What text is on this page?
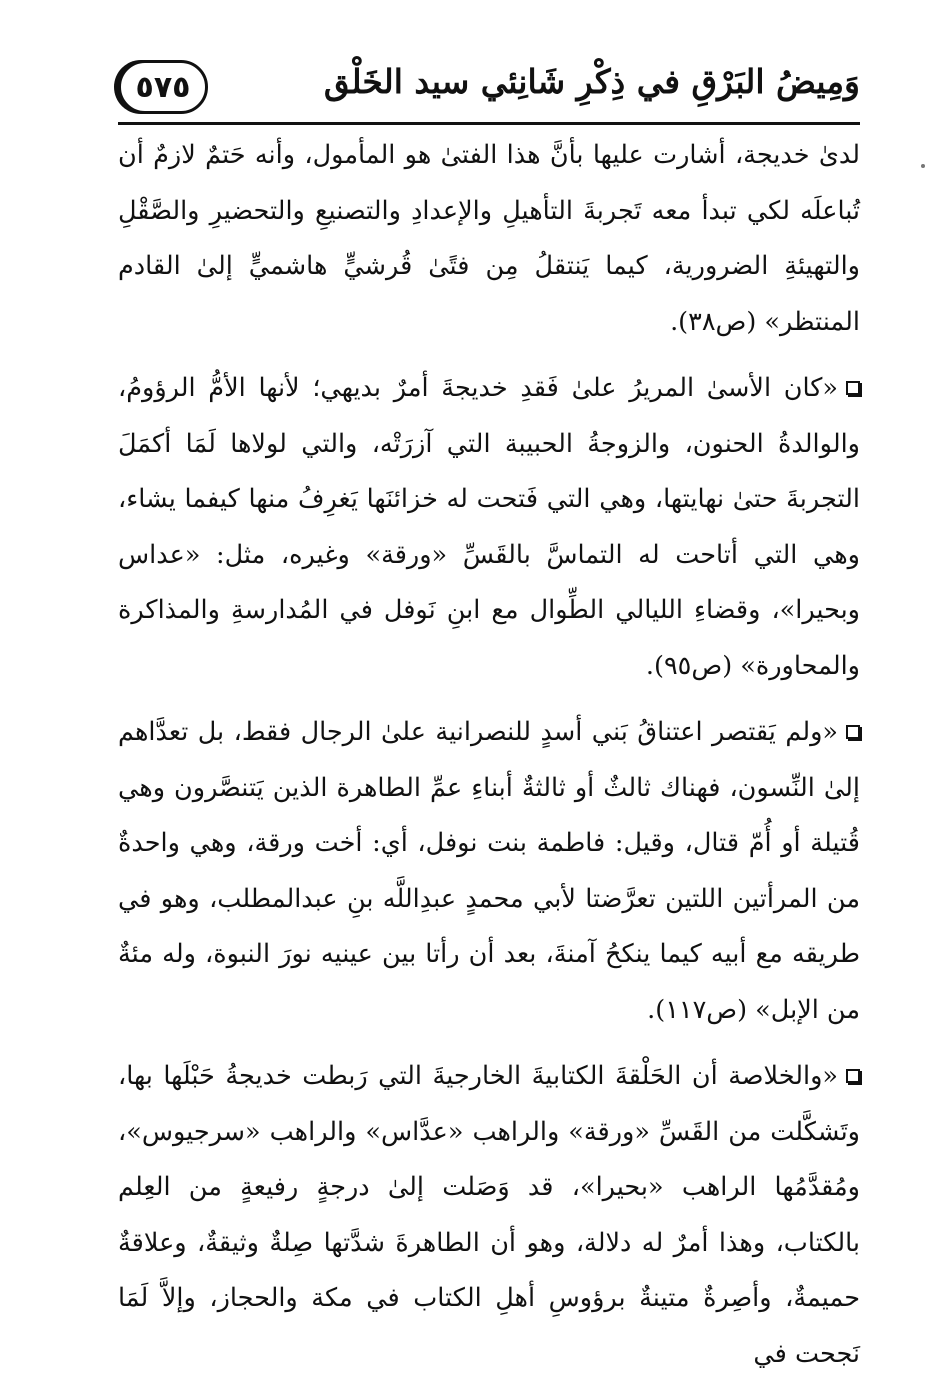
٥٧٥	وَمِيضُ البَرْقِ في ذِكْرِ شَانِئي سيد الخَلْق

لدىٰ خديجة، أشارت عليها بأنَّ هذا الفتىٰ هو المأمول، وأنه حَتمٌ لازمٌ أن تُباعلَه لكي تبدأ معه تَجربةَ التأهيلِ والإعدادِ والتصنيعِ والتحضيرِ والصَّقْلِ والتهيئةِ الضرورية، كيما يَنتقلُ مِن فتًىٰ قُرشيٍّ هاشميٍّ إلىٰ القادم المنتظر» (ص٣٨).

«كان الأسىٰ المريرُ علىٰ فَقدِ خديجةَ أمرٌ بديهي؛ لأنها الأمُّ الرؤومُ، والوالدةُ الحنون، والزوجةُ الحبيبة التي آزرَتْه، والتي لولاها لَمَا أكمَلَ التجربةَ حتىٰ نهايتها، وهي التي فَتحت له خزائنَها يَغرِفُ منها كيفما يشاء، وهي التي أتاحت له التماسَّ بالقَسِّ «ورقة» وغيره، مثل: «عداس وبحيرا»، وقضاءِ الليالي الطِّوال مع ابنِ نَوفل في المُدارسةِ والمذاكرة والمحاورة» (ص٩٥).

«ولم يَقتصر اعتناقُ بَني أسدٍ للنصرانية علىٰ الرجال فقط، بل تعدَّاهم إلىٰ النِّسون، فهناك ثالثٌ أو ثالثةٌ أبناءِ عمِّ الطاهرة الذين يَتنصَّرون وهي قُتيلة أو أُمّ قتال، وقيل: فاطمة بنت نوفل، أي: أخت ورقة، وهي واحدةٌ من المرأتين اللتين تعرَّضتا لأبي محمدٍ عبدِاللَّه بنِ عبدالمطلب، وهو في طريقه مع أبيه كيما ينكحُ آمنةَ، بعد أن رأتا بين عينيه نورَ النبوة، وله مئةٌ من الإبل» (ص١١٧).

«والخلاصة أن الحَلْقةَ الكتابيةَ الخارجيةَ التي رَبطت خديجةُ حَبْلَها بها، وتَشكَّلت من القَسِّ «ورقة» والراهب «عدَّاس» والراهب «سرجيوس»، ومُقدَّمُها الراهب «بحيرا»، قد وَصَلت إلىٰ درجةٍ رفيعةٍ من العِلم بالكتاب، وهذا أمرٌ له دلالة، وهو أن الطاهرةَ شدَّتها صِلةٌ وثيقةٌ، وعلاقةٌ حميمةٌ، وأصِرةٌ متينةٌ برؤوسِ أهلِ الكتاب في مكة والحجاز، وإلاَّ لَمَا نَجحت في
